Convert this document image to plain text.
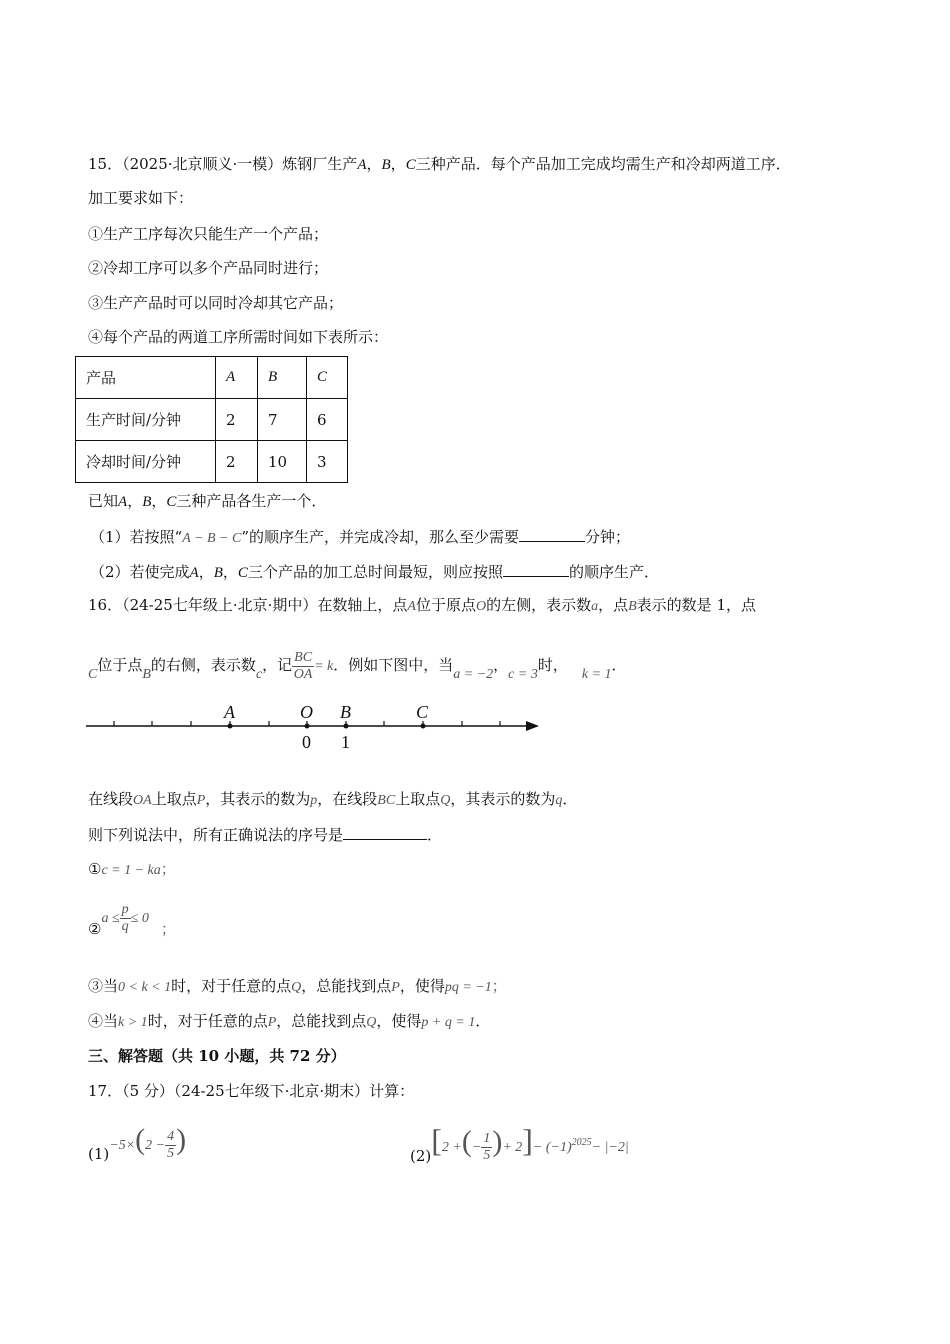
15．（2025·北京顺义·一模）炼钢厂生产A，B，C三种产品．每个产品加工完成均需生产和冷却两道工序．
加工要求如下：
①生产工序每次只能生产一个产品；
②冷却工序可以多个产品同时进行；
③生产产品时可以同时冷却其它产品；
④每个产品的两道工序所需时间如下表所示：
产品	A	B	C
生产时间/分钟	2	7	6
冷却时间/分钟	2	10	3
已知A，B，C三种产品各生产一个．
（1）若按照“A − B − C”的顺序生产，并完成冷却，那么至少需要	分钟；
（2）若使完成A，B，C三个产品的加工总时间最短，则应按照	的顺序生产．
16．（24-25七年级上·北京·期中）在数轴上，点A位于原点O的左侧，表示数a，点B表示的数是 1，点
C位于点B的右侧，表示数c，记 $\frac{BC}{OA} = k$．例如下图中，当a = −2，c = 3时，k = 1．
A	O B	C
0 1
在线段OA上取点P，其表示的数为p，在线段BC上取点Q，其表示的数为q．
则下列说法中，所有正确说法的序号是	．
①c = 1 − ka；
②a ≤ $\frac{p}{q} \le 0$；
③当0 < k < 1时，对于任意的点Q，总能找到点P，使得pq = −1；
④当k > 1时，对于任意的点P，总能找到点Q，使得p + q = 1．
三、解答题（共 10 小题，共 72 分）
17．（5 分）（24-25七年级下·北京·期末）计算：
$(1)-5\times(2 - \frac{4}{5}$ )	(2)[2 +(− $\frac{1}{5}$ )+ $2]- (-1)^{2025}- |-2|$
